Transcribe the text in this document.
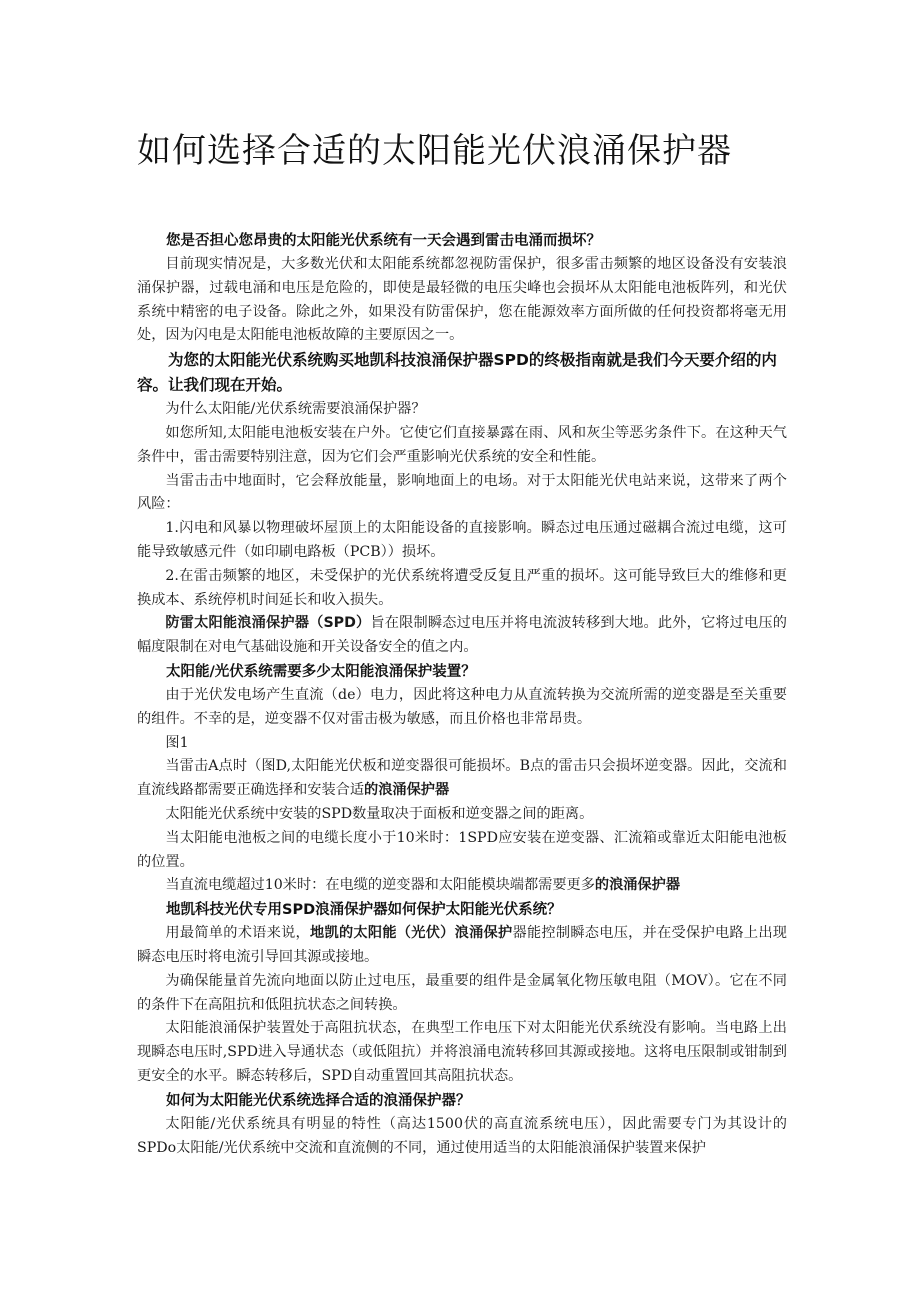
如何选择合适的太阳能光伏浪涌保护器

您是否担心您昂贵的太阳能光伏系统有一天会遇到雷击电涌而损坏？

目前现实情况是，大多数光伏和太阳能系统都忽视防雷保护，很多雷击频繁的地区设备没有安装浪涌保护器，过载电涌和电压是危险的，即使是最轻微的电压尖峰也会损坏从太阳能电池板阵列，和光伏系统中精密的电子设备。除此之外，如果没有防雷保护，您在能源效率方面所做的任何投资都将毫无用处，因为闪电是太阳能电池板故障的主要原因之一。

为您的太阳能光伏系统购买地凯科技浪涌保护器SPD的终极指南就是我们今天要介绍的内容。让我们现在开始。

为什么太阳能/光伏系统需要浪涌保护器？

如您所知,太阳能电池板安装在户外。它使它们直接暴露在雨、风和灰尘等恶劣条件下。在这种天气条件中，雷击需要特别注意，因为它们会严重影响光伏系统的安全和性能。

当雷击击中地面时，它会释放能量，影响地面上的电场。对于太阳能光伏电站来说，这带来了两个风险：

1.闪电和风暴以物理破坏屋顶上的太阳能设备的直接影响。瞬态过电压通过磁耦合流过电缆，这可能导致敏感元件（如印刷电路板（PCB））损坏。

2.在雷击频繁的地区，未受保护的光伏系统将遭受反复且严重的损坏。这可能导致巨大的维修和更换成本、系统停机时间延长和收入损失。

防雷太阳能浪涌保护器（SPD）旨在限制瞬态过电压并将电流波转移到大地。此外，它将过电压的幅度限制在对电气基础设施和开关设备安全的值之内。

太阳能/光伏系统需要多少太阳能浪涌保护装置？

由于光伏发电场产生直流（de）电力，因此将这种电力从直流转换为交流所需的逆变器是至关重要的组件。不幸的是，逆变器不仅对雷击极为敏感，而且价格也非常昂贵。

图1

当雷击A点时（图D,太阳能光伏板和逆变器很可能损坏。B点的雷击只会损坏逆变器。因此，交流和直流线路都需要正确选择和安装合适的浪涌保护器

太阳能光伏系统中安装的SPD数量取决于面板和逆变器之间的距离。

当太阳能电池板之间的电缆长度小于10米时：1SPD应安装在逆变器、汇流箱或靠近太阳能电池板的位置。

当直流电缆超过10米时：在电缆的逆变器和太阳能模块端都需要更多的浪涌保护器

地凯科技光伏专用SPD浪涌保护器如何保护太阳能光伏系统？

用最简单的术语来说，地凯的太阳能（光伏）浪涌保护器能控制瞬态电压，并在受保护电路上出现瞬态电压时将电流引导回其源或接地。

为确保能量首先流向地面以防止过电压，最重要的组件是金属氧化物压敏电阻（MOV）。它在不同的条件下在高阻抗和低阻抗状态之间转换。

太阳能浪涌保护装置处于高阻抗状态，在典型工作电压下对太阳能光伏系统没有影响。当电路上出现瞬态电压时,SPD进入导通状态（或低阻抗）并将浪涌电流转移回其源或接地。这将电压限制或钳制到更安全的水平。瞬态转移后，SPD自动重置回其高阻抗状态。

如何为太阳能光伏系统选择合适的浪涌保护器？

太阳能/光伏系统具有明显的特性（高达1500伏的高直流系统电压），因此需要专门为其设计的SPDo太阳能/光伏系统中交流和直流侧的不同，通过使用适当的太阳能浪涌保护装置来保护
